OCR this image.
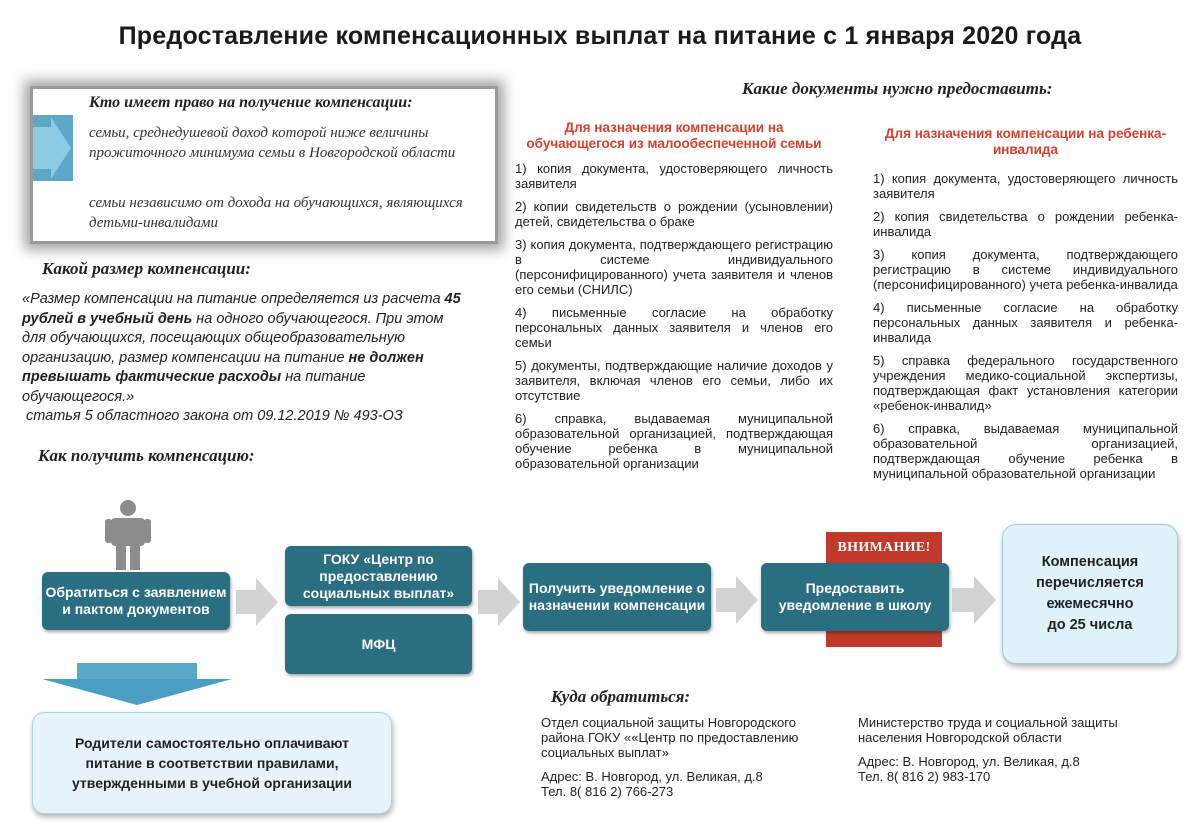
Предоставление компенсационных выплат на питание с 1 января 2020 года
Кто имеет право на получение компенсации:
семьи, среднедушевой доход которой ниже величины прожиточного минимума семьи в Новгородской области
семьи независимо от дохода на обучающихся, являющихся детьми-инвалидами
Какой размер компенсации:
«Размер компенсации на питание определяется из расчета 45 рублей в учебный день на одного обучающегося. При этом для обучающихся, посещающих общеобразовательную организацию, размер компенсации на питание не должен превышать фактические расходы на питание обучающегося.»
статья 5 областного закона от 09.12.2019 № 493-ОЗ
Как получить компенсацию:
Какие документы нужно предоставить:
Для назначения компенсации на обучающегося из малообеспеченной семьи
1) копия документа, удостоверяющего личность заявителя
2) копии свидетельств о рождении (усыновлении) детей, свидетельства о браке
3) копия документа, подтверждающего регистрацию в системе индивидуального (персонифицированного) учета заявителя и членов его семьи (СНИЛС)
4) письменные согласие на обработку персональных данных заявителя и членов его семьи
5) документы, подтверждающие наличие доходов у заявителя, включая членов его семьи, либо их отсутствие
6) справка, выдаваемая муниципальной образовательной организацией, подтверждающая обучение ребенка в муниципальной образовательной организации
Для назначения компенсации на ребенка-инвалида
1) копия документа, удостоверяющего личность заявителя
2) копия свидетельства о рождении ребенка-инвалида
3) копия документа, подтверждающего регистрацию в системе индивидуального (персонифицированного) учета ребенка-инвалида
4) письменные согласие на обработку персональных данных заявителя и ребенка-инвалида
5) справка федерального государственного учреждения медико-социальной экспертизы, подтверждающая факт установления категории «ребенок-инвалид»
6) справка, выдаваемая муниципальной образовательной организацией, подтверждающая обучение ребенка в муниципальной образовательной организации
Обратиться с заявлением и пактом документов
ГОКУ «Центр по предоставлению социальных выплат»
МФЦ
Получить уведомление о назначении компенсации
ВНИМАНИЕ!
Предоставить уведомление в школу
Компенсация
перечисляется
ежемесячно
до 25 числа
Родители самостоятельно оплачивают питание в соответствии правилами, утвержденными в учебной организации
Куда обратиться:
Отдел социальной защиты Новгородского района ГОКУ ««Центр по предоставлению социальных выплат»
Адрес: В. Новгород, ул. Великая, д.8
Тел. 8( 816 2) 766-273
Министерство труда и социальной защиты населения Новгородской области
Адрес: В. Новгород, ул. Великая, д.8
Тел. 8( 816 2) 983-170
